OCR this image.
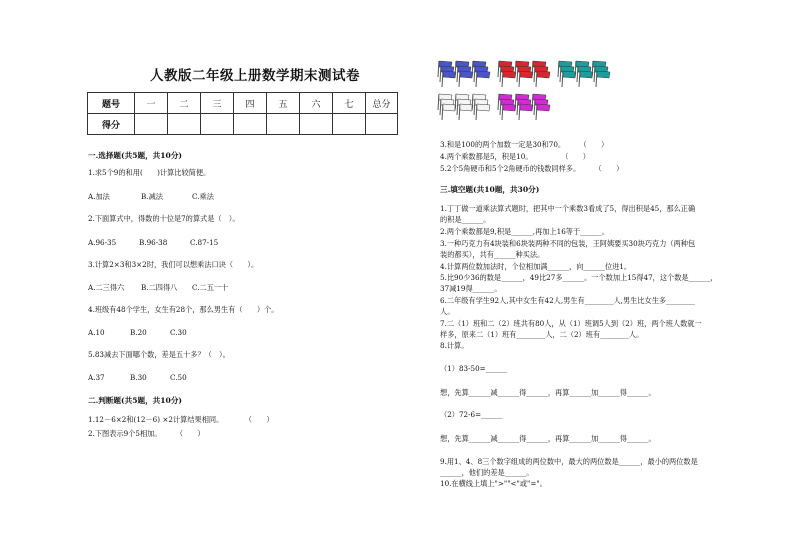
人教版二年级上册数学期末测试卷
题号	一	二	三	四	五	六	七	总分
得分								
一.选择题(共5题，共10分)
1.求5个9的和用(　　)计算比较简便。
A.加法	B.减法	C.乘法
2.下面算式中，得数的十位是7的算式是（　）。
A.96-35	B.96-38	C.87-15
3.计算2×3和3×2时，我们可以想乘法口诀（　　）。
A.二三得六 B.二四得八 C.二五一十
4.班级有48个学生，女生有28个，那么男生有（　　）个。
A.10	B.20	C.30
5.83减去下面哪个数，差是五十多？（　）。
A.37	B.30	C.50
二.判断题(共5题，共10分)
1.12－6×2和(12－6) ×2计算结果相同。　　　　（　　）
2.下图表示9个5相加。　　　（　　）
3.和是100的两个加数一定是30和70。　　　（　　）
4.两个乘数都是5，积是10。　　　　　（　　）
5.2个5角硬币和5个2角硬币的钱数同样多。　　　（　　）
三.填空题(共10题，共30分)
1.丁丁做一道乘法算式题时，把其中一个乘数3看成了5，得出积是45，那么正确
的积是______。
2.两个乘数都是9,积是______,再加上16等于______。
3.一种巧克力有4块装和6块装两种不同的包装，王阿姨要买30块巧克力（两种包
装的都买），共有______种买法。
4.计算两位数加法时，个位相加满______，向______位进1。
5.比90少36的数是______，49比27多______。一个数加上15得47，这个数是______，
37减19得______。
6.二年级有学生92人,其中女生有42人,男生有________人,男生比女生多________
人。
7.二（1）班和二（2）班共有80人，从（1）班调5人到（2）班，两个班人数就一
样多，原来二（1）班有________人，二（2）班有________人。
8.计算。
（1）83-50=______
想，先算______减______得______，再算______加______得______。
（2）72-6=______
想，先算______减______得______，再算______加______得______。
9.用1、4、8三个数字组成的两位数中，最大的两位数是______，最小的两位数是
______，他们的差是______。
10.在横线上填上">""<"或"="。
